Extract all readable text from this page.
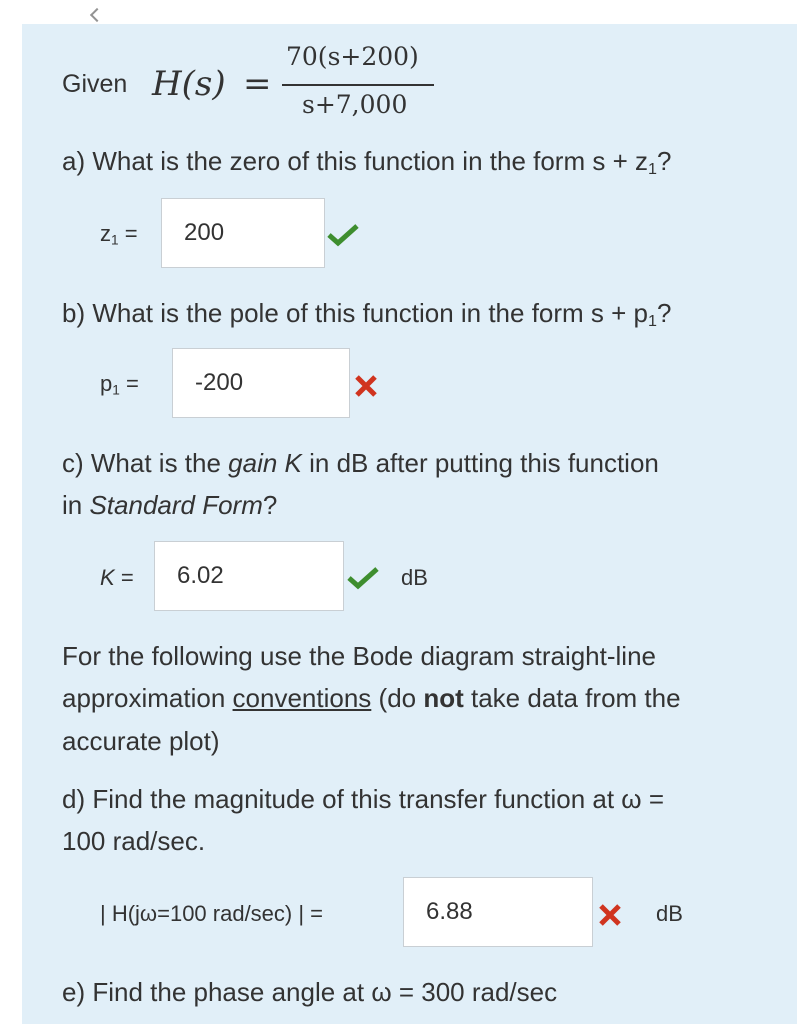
Given H(s) =
70(s+200)
s+7,000
a) What is the zero of this function in the form $s + z_1$?
$z_1$ =	200
b) What is the pole of this function in the form $s + p_1$?
$p_1$ =	-200
c) What is the gain K in dB after putting this function
in Standard Form?
K =	6.02	dB
For the following use the Bode diagram straight-line
approximation conventions (do not take data from the
accurate plot)
d) Find the magnitude of this transfer function at ω =
100 rad/sec.
| H(jω=100 rad/sec) | =	6.88	dB
e) Find the phase angle at ω = 300 rad/sec
